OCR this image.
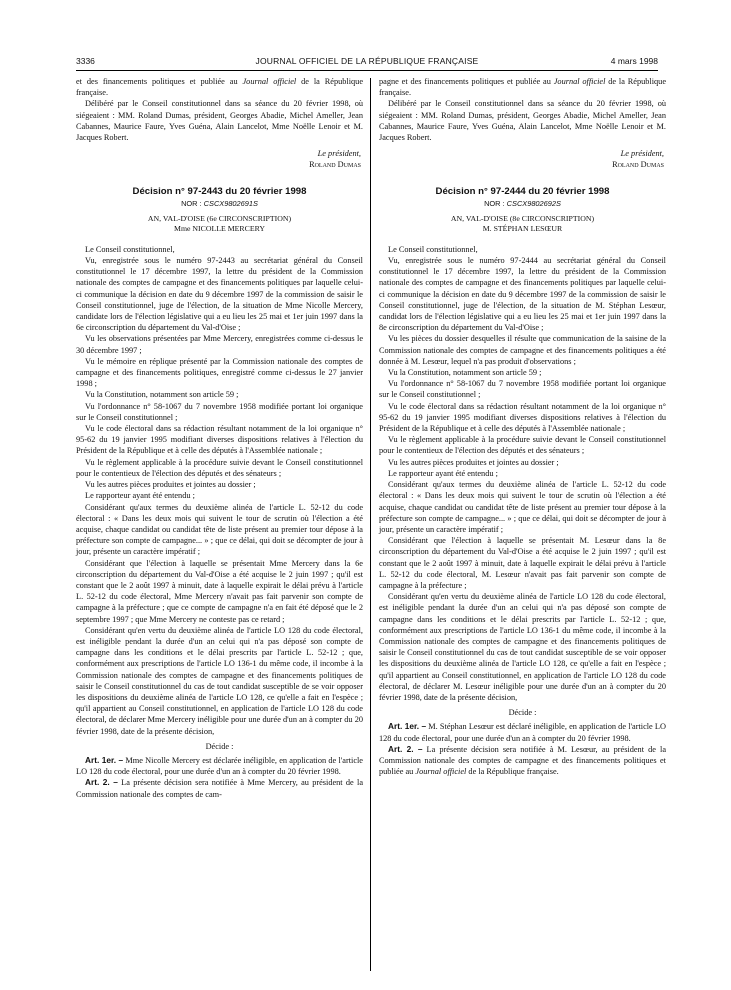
3336	JOURNAL OFFICIEL DE LA RÉPUBLIQUE FRANÇAISE	4 mars 1998

et des financements politiques et publiée au Journal officiel de la République française.

Délibéré par le Conseil constitutionnel dans sa séance du 20 février 1998, où siégeaient : MM. Roland Dumas, président, Georges Abadie, Michel Ameller, Jean Cabannes, Maurice Faure, Yves Guéna, Alain Lancelot, Mme Noëlle Lenoir et M. Jacques Robert.

Le président,

Roland Dumas

Décision n° 97-2443 du 20 février 1998

NOR : CSCX9802691S

AN, VAL-D'OISE (6e CIRCONSCRIPTION)

Mme NICOLLE MERCERY

Le Conseil constitutionnel,

Vu, enregistrée sous le numéro 97-2443 au secrétariat général du Conseil constitutionnel le 17 décembre 1997, la lettre du président de la Commission nationale des comptes de campagne et des financements politiques par laquelle celui-ci communique la décision en date du 9 décembre 1997 de la commission de saisir le Conseil constitutionnel, juge de l'élection, de la situation de Mme Nicolle Mercery, candidate lors de l'élection législative qui a eu lieu les 25 mai et 1er juin 1997 dans la 6e circonscription du département du Val-d'Oise ;

Vu les observations présentées par Mme Mercery, enregistrées comme ci-dessus le 30 décembre 1997 ;

Vu le mémoire en réplique présenté par la Commission nationale des comptes de campagne et des financements politiques, enregistré comme ci-dessus le 27 janvier 1998 ;

Vu la Constitution, notamment son article 59 ;

Vu l'ordonnance n° 58-1067 du 7 novembre 1958 modifiée portant loi organique sur le Conseil constitutionnel ;

Vu le code électoral dans sa rédaction résultant notamment de la loi organique n° 95-62 du 19 janvier 1995 modifiant diverses dispositions relatives à l'élection du Président de la République et à celle des députés à l'Assemblée nationale ;

Vu le règlement applicable à la procédure suivie devant le Conseil constitutionnel pour le contentieux de l'élection des députés et des sénateurs ;

Vu les autres pièces produites et jointes au dossier ;

Le rapporteur ayant été entendu ;

Considérant qu'aux termes du deuxième alinéa de l'article L. 52-12 du code électoral : « Dans les deux mois qui suivent le tour de scrutin où l'élection a été acquise, chaque candidat ou candidat tête de liste présent au premier tour dépose à la préfecture son compte de campagne... » ; que ce délai, qui doit se décompter de jour à jour, présente un caractère impératif ;

Considérant que l'élection à laquelle se présentait Mme Mercery dans la 6e circonscription du département du Val-d'Oise a été acquise le 2 juin 1997 ; qu'il est constant que le 2 août 1997 à minuit, date à laquelle expirait le délai prévu à l'article L. 52-12 du code électoral, Mme Mercery n'avait pas fait parvenir son compte de campagne à la préfecture ; que ce compte de campagne n'a en fait été déposé que le 2 septembre 1997 ; que Mme Mercery ne conteste pas ce retard ;

Considérant qu'en vertu du deuxième alinéa de l'article LO 128 du code électoral, est inéligible pendant la durée d'un an celui qui n'a pas déposé son compte de campagne dans les conditions et le délai prescrits par l'article L. 52-12 ; que, conformément aux prescriptions de l'article LO 136-1 du même code, il incombe à la Commission nationale des comptes de campagne et des financements politiques de saisir le Conseil constitutionnel du cas de tout candidat susceptible de se voir opposer les dispositions du deuxième alinéa de l'article LO 128, ce qu'elle a fait en l'espèce ; qu'il appartient au Conseil constitutionnel, en application de l'article LO 128 du code électoral, de déclarer Mme Mercery inéligible pour une durée d'un an à compter du 20 février 1998, date de la présente décision,

Décide :

Art. 1er. – Mme Nicolle Mercery est déclarée inéligible, en application de l'article LO 128 du code électoral, pour une durée d'un an à compter du 20 février 1998.

Art. 2. – La présente décision sera notifiée à Mme Mercery, au président de la Commission nationale des comptes de cam-

pagne et des financements politiques et publiée au Journal officiel de la République française.

Délibéré par le Conseil constitutionnel dans sa séance du 20 février 1998, où siégeaient : MM. Roland Dumas, président, Georges Abadie, Michel Ameller, Jean Cabannes, Maurice Faure, Yves Guéna, Alain Lancelot, Mme Noëlle Lenoir et M. Jacques Robert.

Le président,

Roland Dumas

Décision n° 97-2444 du 20 février 1998

NOR : CSCX9802692S

AN, VAL-D'OISE (8e CIRCONSCRIPTION)

M. STÉPHAN LESŒUR

Le Conseil constitutionnel,

Vu, enregistrée sous le numéro 97-2444 au secrétariat général du Conseil constitutionnel le 17 décembre 1997, la lettre du président de la Commission nationale des comptes de campagne et des financements politiques par laquelle celui-ci communique la décision en date du 9 décembre 1997 de la commission de saisir le Conseil constitutionnel, juge de l'élection, de la situation de M. Stéphan Lesœur, candidat lors de l'élection législative qui a eu lieu les 25 mai et 1er juin 1997 dans la 8e circonscription du département du Val-d'Oise ;

Vu les pièces du dossier desquelles il résulte que communication de la saisine de la Commission nationale des comptes de campagne et des financements politiques a été donnée à M. Lesœur, lequel n'a pas produit d'observations ;

Vu la Constitution, notamment son article 59 ;

Vu l'ordonnance n° 58-1067 du 7 novembre 1958 modifiée portant loi organique sur le Conseil constitutionnel ;

Vu le code électoral dans sa rédaction résultant notamment de la loi organique n° 95-62 du 19 janvier 1995 modifiant diverses dispositions relatives à l'élection du Président de la République et à celle des députés à l'Assemblée nationale ;

Vu le règlement applicable à la procédure suivie devant le Conseil constitutionnel pour le contentieux de l'élection des députés et des sénateurs ;

Vu les autres pièces produites et jointes au dossier ;

Le rapporteur ayant été entendu ;

Considérant qu'aux termes du deuxième alinéa de l'article L. 52-12 du code électoral : « Dans les deux mois qui suivent le tour de scrutin où l'élection a été acquise, chaque candidat ou candidat tête de liste présent au premier tour dépose à la préfecture son compte de campagne... » ; que ce délai, qui doit se décompter de jour à jour, présente un caractère impératif ;

Considérant que l'élection à laquelle se présentait M. Lesœur dans la 8e circonscription du département du Val-d'Oise a été acquise le 2 juin 1997 ; qu'il est constant que le 2 août 1997 à minuit, date à laquelle expirait le délai prévu à l'article L. 52-12 du code électoral, M. Lesœur n'avait pas fait parvenir son compte de campagne à la préfecture ;

Considérant qu'en vertu du deuxième alinéa de l'article LO 128 du code électoral, est inéligible pendant la durée d'un an celui qui n'a pas déposé son compte de campagne dans les conditions et le délai prescrits par l'article L. 52-12 ; que, conformément aux prescriptions de l'article LO 136-1 du même code, il incombe à la Commission nationale des comptes de campagne et des financements politiques de saisir le Conseil constitutionnel du cas de tout candidat susceptible de se voir opposer les dispositions du deuxième alinéa de l'article LO 128, ce qu'elle a fait en l'espèce ; qu'il appartient au Conseil constitutionnel, en application de l'article LO 128 du code électoral, de déclarer M. Lesœur inéligible pour une durée d'un an à compter du 20 février 1998, date de la présente décision,

Décide :

Art. 1er. – M. Stéphan Lesœur est déclaré inéligible, en application de l'article LO 128 du code électoral, pour une durée d'un an à compter du 20 février 1998.

Art. 2. – La présente décision sera notifiée à M. Lesœur, au président de la Commission nationale des comptes de campagne et des financements politiques et publiée au Journal officiel de la République française.
